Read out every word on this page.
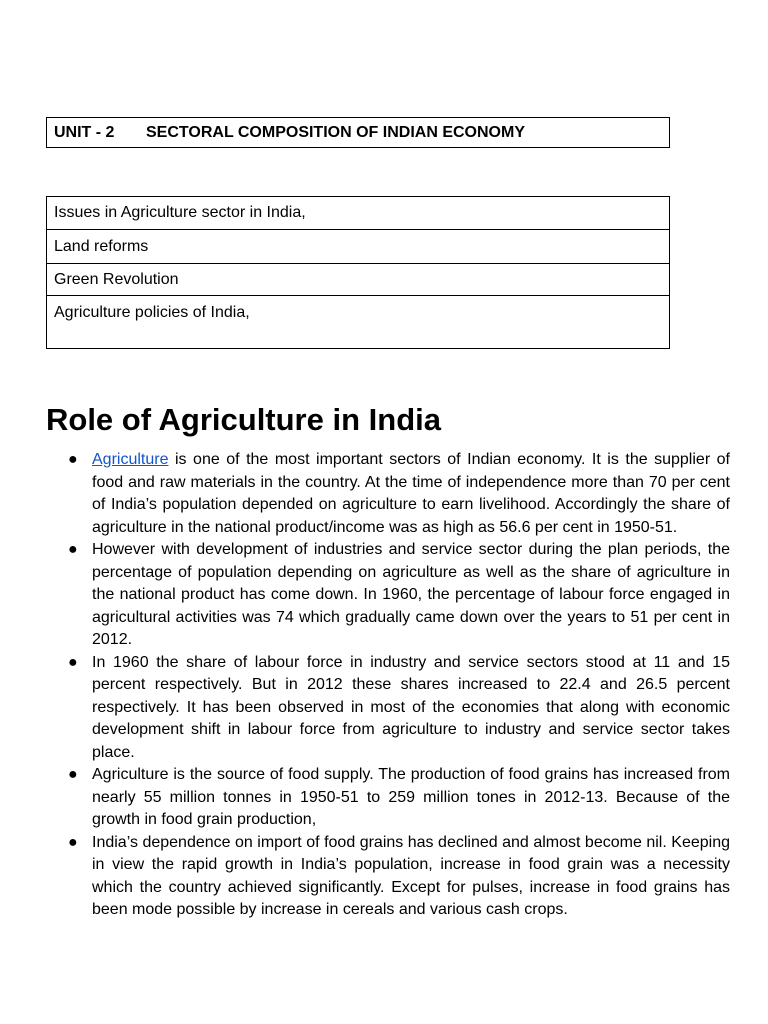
UNIT - 2	SECTORAL COMPOSITION OF INDIAN ECONOMY
Issues in Agriculture sector in India,
Land reforms
Green Revolution
Agriculture policies of India,
Role of Agriculture in India
● Agriculture is one of the most important sectors of Indian economy. It is the supplier of food and raw materials in the country. At the time of independence more than 70 per cent of India’s population depended on agriculture to earn livelihood. Accordingly the share of agriculture in the national product/income was as high as 56.6 per cent in 1950-51.
● However with development of industries and service sector during the plan periods, the percentage of population depending on agriculture as well as the share of agriculture in the national product has come down. In 1960, the percentage of labour force engaged in agricultural activities was 74 which gradually came down over the years to 51 per cent in 2012.
● In 1960 the share of labour force in industry and service sectors stood at 11 and 15 percent respectively. But in 2012 these shares increased to 22.4 and 26.5 percent respectively. It has been observed in most of the economies that along with economic development shift in labour force from agriculture to industry and service sector takes place.
● Agriculture is the source of food supply. The production of food grains has increased from nearly 55 million tonnes in 1950-51 to 259 million tones in 2012-13. Because of the growth in food grain production,
● India’s dependence on import of food grains has declined and almost become nil. Keeping in view the rapid growth in India’s population, increase in food grain was a necessity which the country achieved significantly. Except for pulses, increase in food grains has been mode possible by increase in cereals and various cash crops.
